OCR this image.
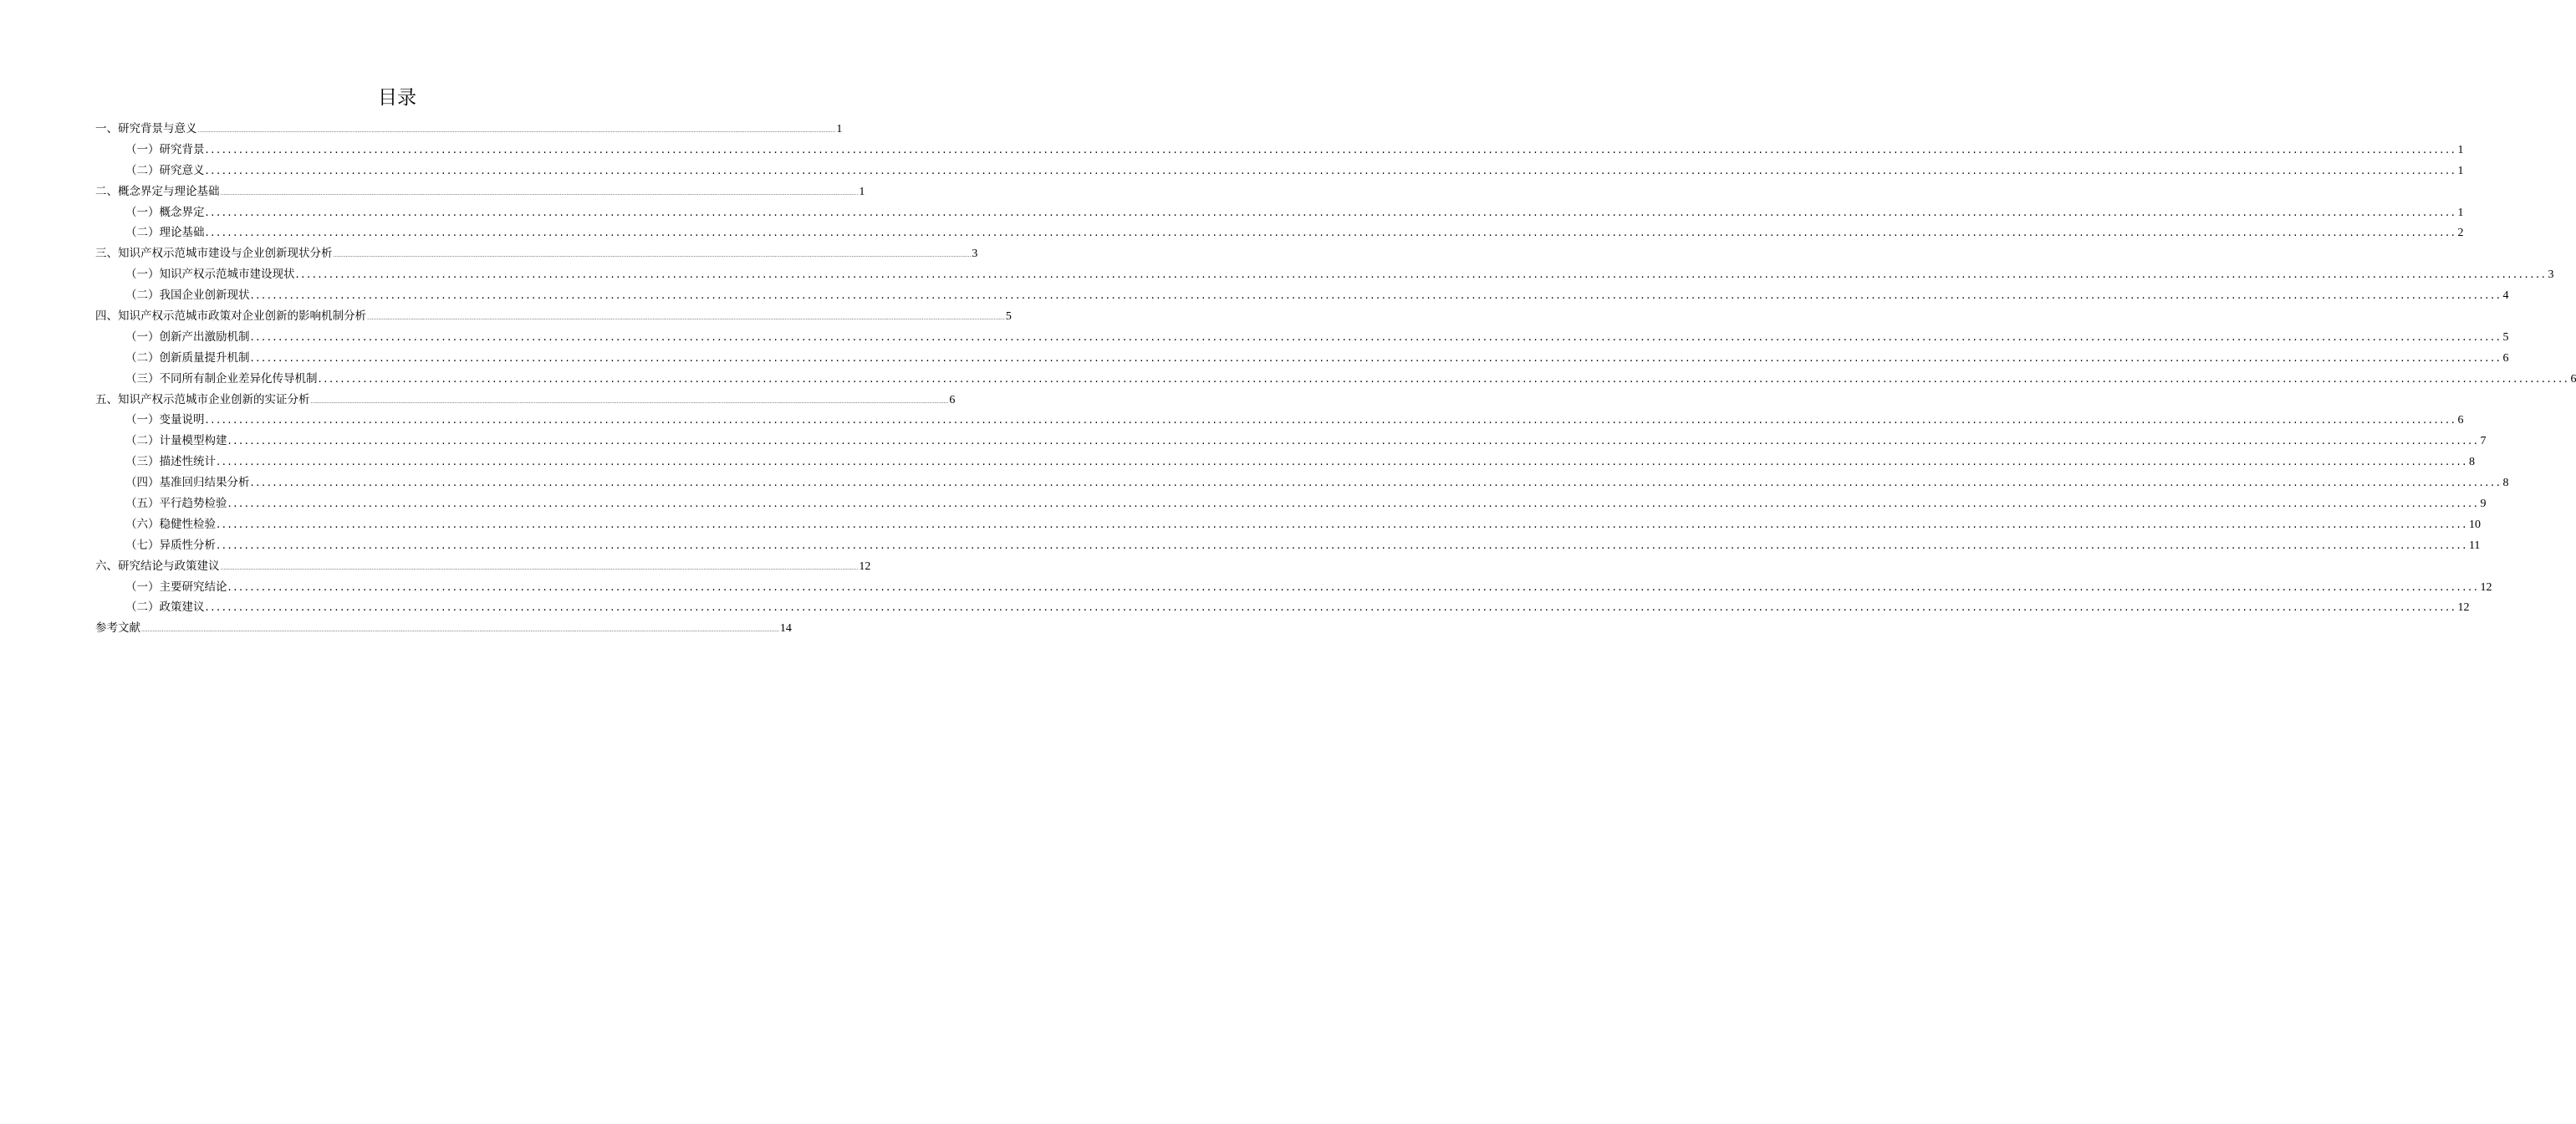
目录
一、研究背景与意义 ................................................................................................................................................................................................................................................................................................................................................................................................................ 1
（一）研究背景 ................................................................................................................................................................................................................................................................................................................................................................................................................ 1
（二）研究意义 ................................................................................................................................................................................................................................................................................................................................................................................................................ 1
二、概念界定与理论基础 ................................................................................................................................................................................................................................................................................................................................................................................................................ 1
（一）概念界定 ................................................................................................................................................................................................................................................................................................................................................................................................................ 1
（二）理论基础 ................................................................................................................................................................................................................................................................................................................................................................................................................ 2
三、知识产权示范城市建设与企业创新现状分析 ................................................................................................................................................................................................................................................................................................................................................................................................................ 3
（一）知识产权示范城市建设现状 ................................................................................................................................................................................................................................................................................................................................................................................................................ 3
（二）我国企业创新现状 ................................................................................................................................................................................................................................................................................................................................................................................................................ 4
四、知识产权示范城市政策对企业创新的影响机制分析 ................................................................................................................................................................................................................................................................................................................................................................................................................ 5
（一）创新产出激励机制 ................................................................................................................................................................................................................................................................................................................................................................................................................ 5
（二）创新质量提升机制 ................................................................................................................................................................................................................................................................................................................................................................................................................ 6
（三）不同所有制企业差异化传导机制 ................................................................................................................................................................................................................................................................................................................................................................................................................ 6
五、知识产权示范城市企业创新的实证分析 ................................................................................................................................................................................................................................................................................................................................................................................................................ 6
（一）变量说明 ................................................................................................................................................................................................................................................................................................................................................................................................................ 6
（二）计量模型构建 ................................................................................................................................................................................................................................................................................................................................................................................................................ 7
（三）描述性统计 ................................................................................................................................................................................................................................................................................................................................................................................................................ 8
（四）基准回归结果分析 ................................................................................................................................................................................................................................................................................................................................................................................................................ 8
（五）平行趋势检验 ................................................................................................................................................................................................................................................................................................................................................................................................................ 9
（六）稳健性检验 ................................................................................................................................................................................................................................................................................................................................................................................................................ 10
（七）异质性分析 ................................................................................................................................................................................................................................................................................................................................................................................................................ 11
六、研究结论与政策建议 ................................................................................................................................................................................................................................................................................................................................................................................................................ 12
（一）主要研究结论 ................................................................................................................................................................................................................................................................................................................................................................................................................ 12
（二）政策建议 ................................................................................................................................................................................................................................................................................................................................................................................................................ 12
参考文献 ................................................................................................................................................................................................................................................................................................................................................................................................................ 14
